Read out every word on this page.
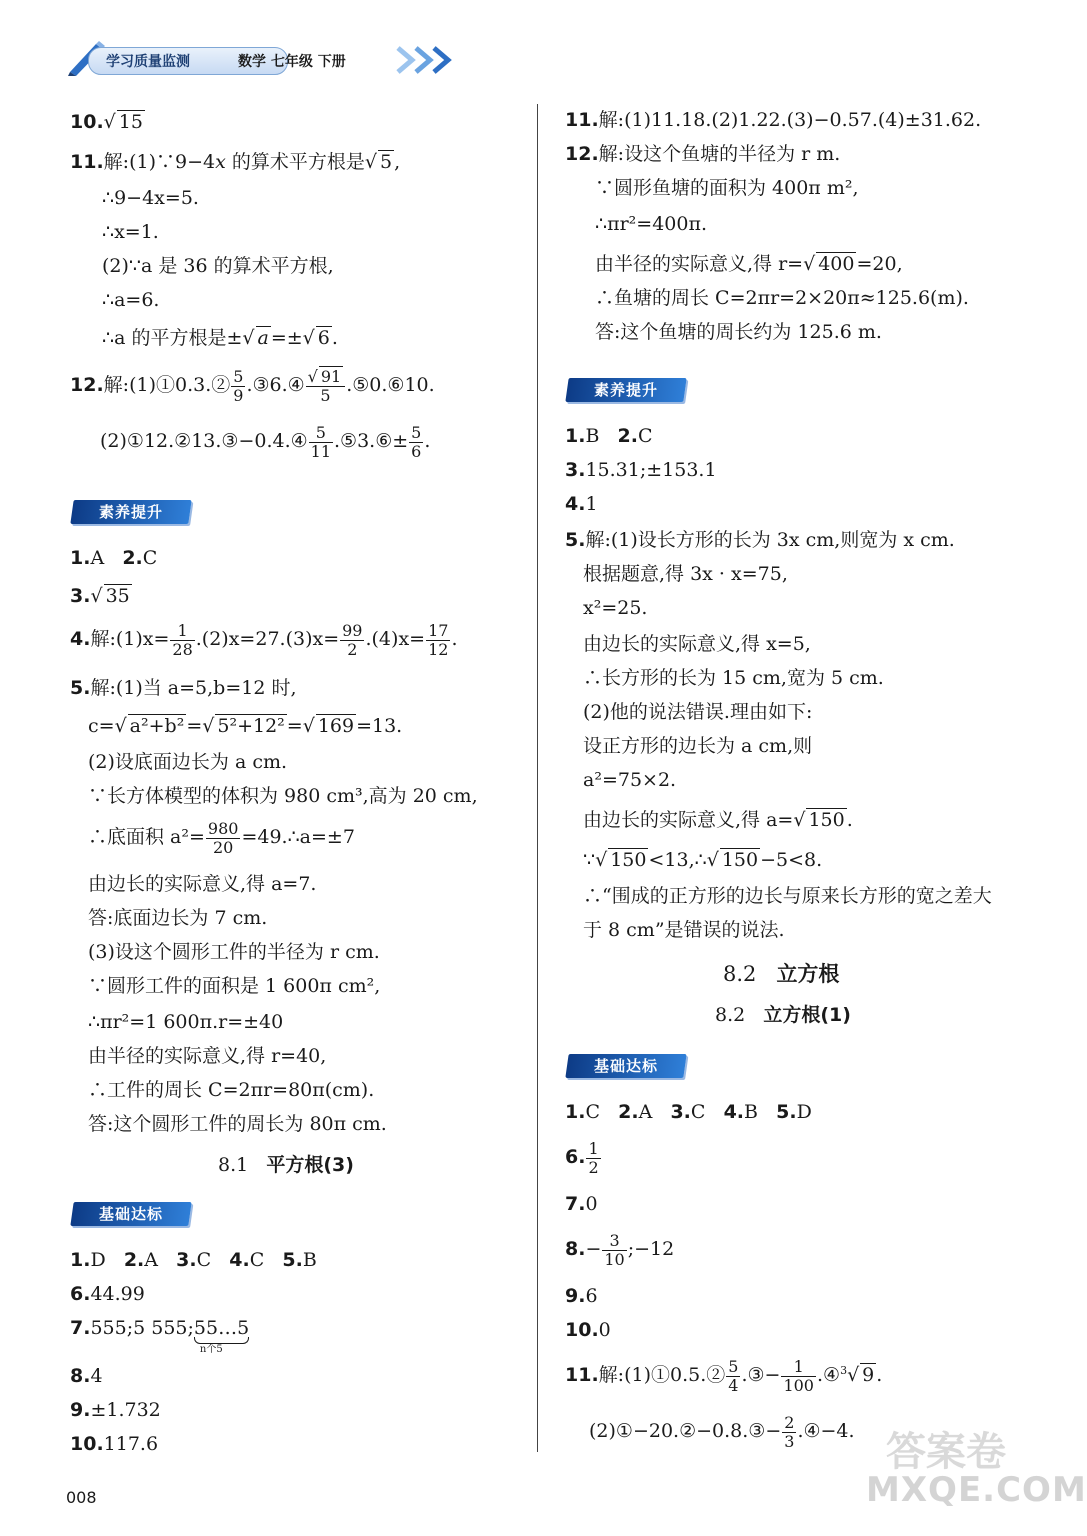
学习质量监测	数学 七年级 下册
10.√ 15
11.解:(1)∵9−4x 的算术平方根是√ 5 ,
∴9−4x=5.
∴x=1.
(2)∵a 是 36 的算术平方根,
∴a=6.
∴a 的平方根是±√ a =±√ 6 .
12.解:(1)①0.3.② $\frac{5}{9}$ .③6.④ $\frac{√ 91}{5}$ .⑤0.⑥10.
(2)①12.②13.③−0.4.④ $\frac{5}{11}$ .⑤3.⑥± $\frac{5}{6}$ .
素养提升
1.A 2.C
3.√ 35
4.解:(1)x= $\frac{1}{28} .(2)x=27.(3)x= \frac{99}{2} .(4)x= \frac{17}{12}$ .
5.解:(1)当 a=5,b=12 时,
c=√ a²+b² =√ 5²+12² =√ 169 =13.
(2)设底面边长为 a cm.
∵长方体模型的体积为 980 cm³,高为 20 cm,
∴底面积 $a^2= \frac{980}{20}$ =49.∴a=±7
由边长的实际意义,得 a=7.
答:底面边长为 7 cm.
(3)设这个圆形工件的半径为 r cm.
∵圆形工件的面积是 1 600π cm²,
∴πr²=1 600π.r=±40
由半径的实际意义,得 r=40,
∴工件的周长 C=2πr=80π(cm).
答:这个圆形工件的周长为 80π cm.
8.1 平方根(3)
基础达标
1.D 2.A 3.C 4.C 5.B
6.44.99
7.555;5 555;55…5
n个5
8.4
9.±1.732
10.117.6
11.解:(1)11.18.(2)1.22.(3)−0.57.(4)±31.62.
12.解:设这个鱼塘的半径为 r m.
∵圆形鱼塘的面积为 400π m²,
∴πr²=400π.
由半径的实际意义,得 r=√ 400 =20,
∴鱼塘的周长 C=2πr=2×20π≈125.6(m).
答:这个鱼塘的周长约为 125.6 m.
素养提升
1.B 2.C
3.15.31;±153.1
4.1
5.解:(1)设长方形的长为 3x cm,则宽为 x cm.
根据题意,得 3x · x=75,
x²=25.
由边长的实际意义,得 x=5,
∴长方形的长为 15 cm,宽为 5 cm.
(2)他的说法错误.理由如下:
设正方形的边长为 a cm,则
a²=75×2.
由边长的实际意义,得 a=√ 150 .
∵√ 150 <13,∴√ 150 −5<8.
∴“围成的正方形的边长与原来长方形的宽之差大
于 8 cm”是错误的说法.
8.2 立方根
8.2 立方根(1)
基础达标
1.C 2.A 3.C 4.B 5.D
6. $\frac{1}{2}$
7.0
$8.- \frac{3}{10}$ ;−12
9.6
10.0
11.解:(1)①0.5.② $\frac{5}{4}$ .③− $\frac{1}{100}$ .④$^3$√ 9 .
(2)①−20.②−0.8.③− $\frac{2}{3}$ .④−4.
008
答案卷
MXQE.COM
